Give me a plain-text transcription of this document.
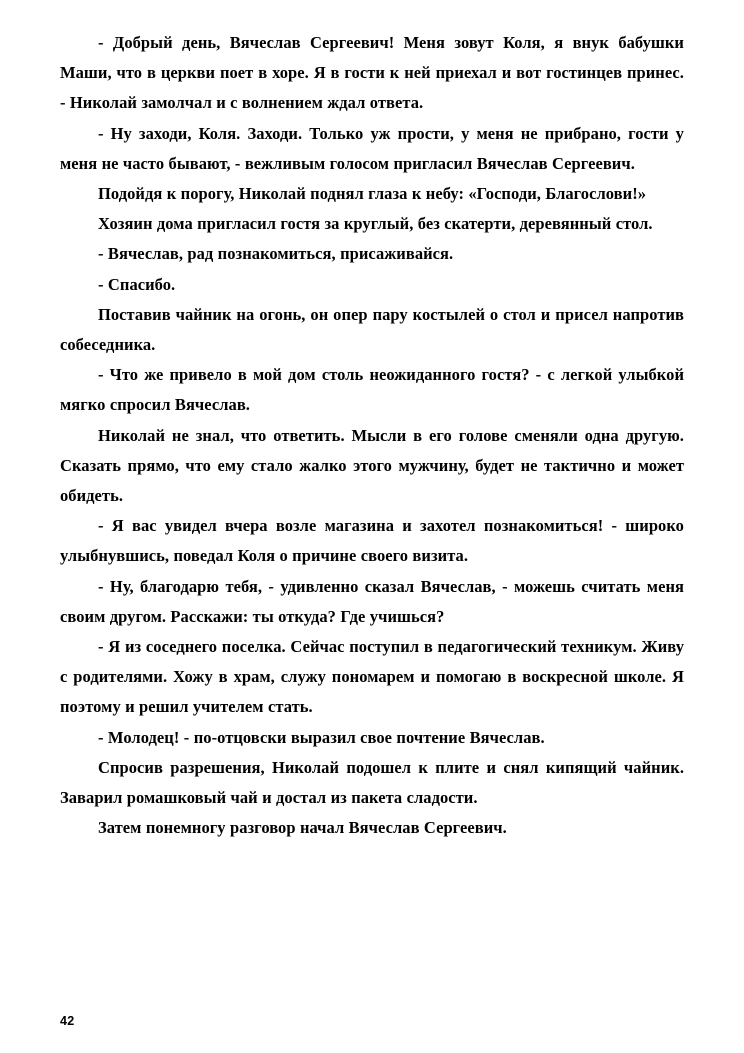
- Добрый день, Вячеслав Сергеевич! Меня зовут Коля, я внук бабушки Маши, что в церкви поет в хоре. Я в гости к ней приехал и вот гостинцев принес. - Николай замолчал и с волнением ждал ответа.

- Ну заходи, Коля. Заходи. Только уж прости, у меня не прибрано, гости у меня не часто бывают, - вежливым голосом пригласил Вячеслав Сергеевич.

Подойдя к порогу, Николай поднял глаза к небу: «Господи, Благослови!»

Хозяин дома пригласил гостя за круглый, без скатерти, деревянный стол.

- Вячеслав, рад познакомиться, присаживайся.

- Спасибо.

Поставив чайник на огонь, он опер пару костылей о стол и присел напротив собеседника.

- Что же привело в мой дом столь неожиданного гостя? - с легкой улыбкой мягко спросил Вячеслав.

Николай не знал, что ответить. Мысли в его голове сменяли одна другую. Сказать прямо, что ему стало жалко этого мужчину, будет не тактично и может обидеть.

- Я вас увидел вчера возле магазина и захотел познакомиться! - широко улыбнувшись, поведал Коля о причине своего визита.

- Ну, благодарю тебя, - удивленно сказал Вячеслав, - можешь считать меня своим другом. Расскажи: ты откуда? Где учишься?

- Я из соседнего поселка. Сейчас поступил в педагогический техникум. Живу с родителями. Хожу в храм, служу пономарем и помогаю в воскресной школе. Я поэтому и решил учителем стать.

- Молодец! - по-отцовски выразил свое почтение Вячеслав.

Спросив разрешения, Николай подошел к плите и снял кипящий чайник. Заварил ромашковый чай и достал из пакета сладости.

Затем понемногу разговор начал Вячеслав Сергеевич.

42
